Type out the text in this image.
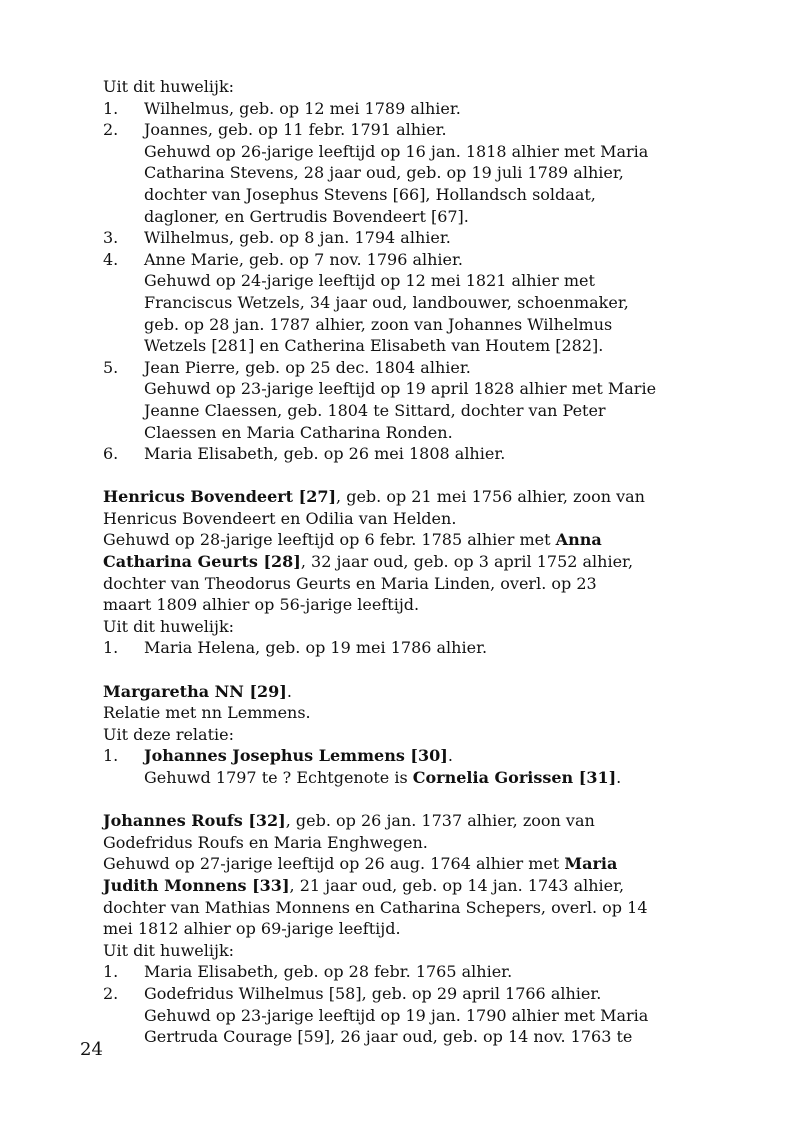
Uit dit huwelijk:
1. Wilhelmus, geb. op 12 mei 1789 alhier.
2. Joannes, geb. op 11 febr. 1791 alhier.
Gehuwd op 26-jarige leeftijd op 16 jan. 1818 alhier met Maria
Catharina Stevens, 28 jaar oud, geb. op 19 juli 1789 alhier,
dochter van Josephus Stevens [66], Hollandsch soldaat,
dagloner, en Gertrudis Bovendeert [67].
3. Wilhelmus, geb. op 8 jan. 1794 alhier.
4. Anne Marie, geb. op 7 nov. 1796 alhier.
Gehuwd op 24-jarige leeftijd op 12 mei 1821 alhier met
Franciscus Wetzels, 34 jaar oud, landbouwer, schoenmaker,
geb. op 28 jan. 1787 alhier, zoon van Johannes Wilhelmus
Wetzels [281] en Catherina Elisabeth van Houtem [282].
5. Jean Pierre, geb. op 25 dec. 1804 alhier.
Gehuwd op 23-jarige leeftijd op 19 april 1828 alhier met Marie
Jeanne Claessen, geb. 1804 te Sittard, dochter van Peter
Claessen en Maria Catharina Ronden.
6. Maria Elisabeth, geb. op 26 mei 1808 alhier.
Henricus Bovendeert [27], geb. op 21 mei 1756 alhier, zoon van
Henricus Bovendeert en Odilia van Helden.
Gehuwd op 28-jarige leeftijd op 6 febr. 1785 alhier met Anna
Catharina Geurts [28], 32 jaar oud, geb. op 3 april 1752 alhier,
dochter van Theodorus Geurts en Maria Linden, overl. op 23
maart 1809 alhier op 56-jarige leeftijd.
Uit dit huwelijk:
1. Maria Helena, geb. op 19 mei 1786 alhier.
Margaretha NN [29].
Relatie met nn Lemmens.
Uit deze relatie:
1. Johannes Josephus Lemmens [30].
Gehuwd 1797 te ? Echtgenote is Cornelia Gorissen [31].
Johannes Roufs [32], geb. op 26 jan. 1737 alhier, zoon van
Godefridus Roufs en Maria Enghwegen.
Gehuwd op 27-jarige leeftijd op 26 aug. 1764 alhier met Maria
Judith Monnens [33], 21 jaar oud, geb. op 14 jan. 1743 alhier,
dochter van Mathias Monnens en Catharina Schepers, overl. op 14
mei 1812 alhier op 69-jarige leeftijd.
Uit dit huwelijk:
1. Maria Elisabeth, geb. op 28 febr. 1765 alhier.
2. Godefridus Wilhelmus [58], geb. op 29 april 1766 alhier.
Gehuwd op 23-jarige leeftijd op 19 jan. 1790 alhier met Maria
Gertruda Courage [59], 26 jaar oud, geb. op 14 nov. 1763 te
24
